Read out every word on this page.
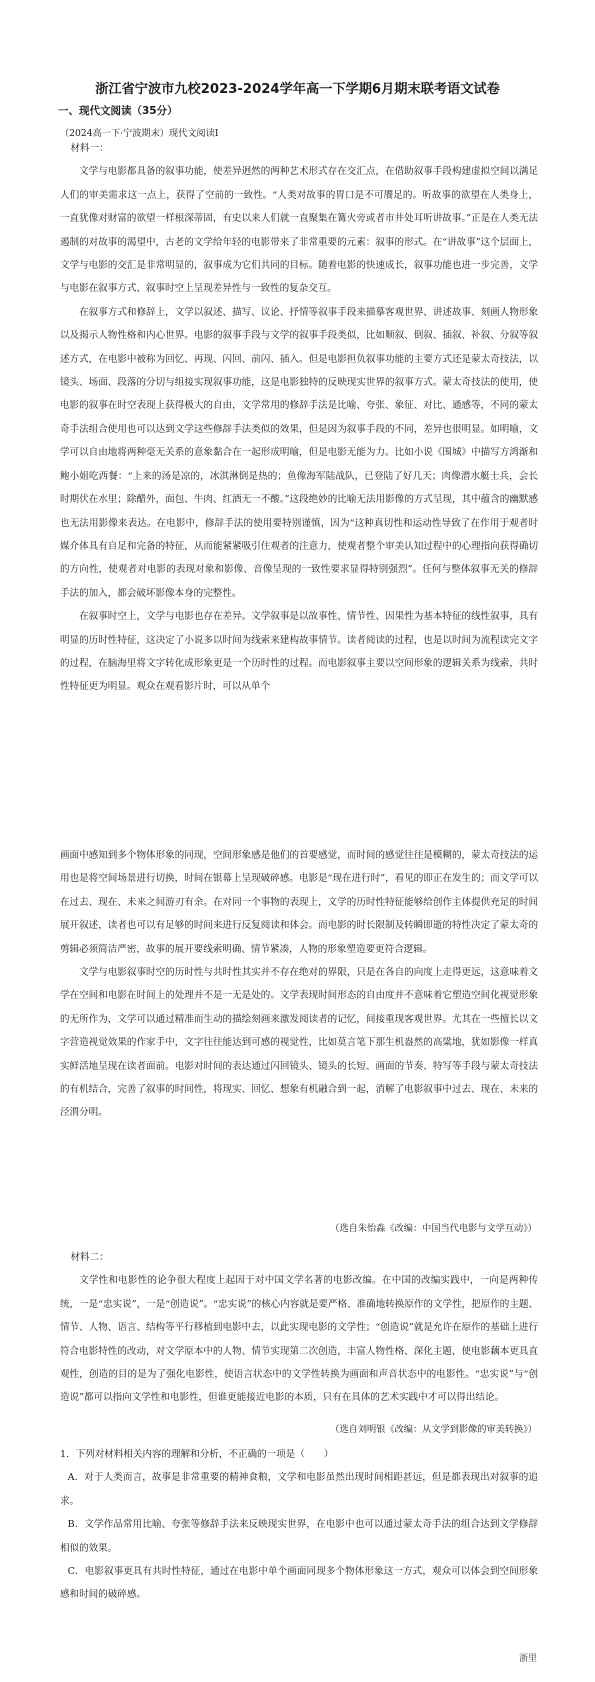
浙江省宁波市九校2023-2024学年高一下学期6月期末联考语文试卷
一、现代文阅读（35分）
（2024高一下·宁波期末）现代文阅读Ⅰ

材料一：

文学与电影都具备的叙事功能，使差异迥然的两种艺术形式存在交汇点，在借助叙事手段构建虚拟空间以满足人们的审美需求这一点上，获得了空前的一致性。“人类对故事的胃口是不可餍足的。听故事的欲望在人类身上，一直犹像对财富的欲望一样根深蒂固，有史以来人们就一直聚集在篝火旁或者市井处耳听讲故事。”正是在人类无法遏制的对故事的渴望中，古老的文学给年轻的电影带来了非常重要的元素：叙事的形式。在“讲故事”这个层面上，文学与电影的交汇是非常明显的，叙事成为它们共同的目标。随着电影的快速成长，叙事功能也进一步完善，文学与电影在叙事方式、叙事时空上呈现差异性与一致性的复杂交互。

在叙事方式和修辞上，文学以叙述、描写、议论、抒情等叙事手段来描摹客观世界、讲述故事、刻画人物形象以及揭示人物性格和内心世界。电影的叙事手段与文学的叙事手段类似，比如顺叙、倒叙、插叙、补叙、分叙等叙述方式，在电影中被称为回忆、再现、闪回、前闪、插入。但是电影担负叙事功能的主要方式还是蒙太奇技法，以镜头、场面、段落的分切与组接实现叙事功能，这是电影独特的反映现实世界的叙事方式。蒙太奇技法的使用，使电影的叙事在时空表现上获得极大的自由，文学常用的修辞手法是比喻、夸张、象征、对比、通感等，不同的蒙太奇手法组合使用也可以达到文学这些修辞手法类似的效果，但是因为叙事手段的不同，差异也很明显。如明喻，文学可以自由地将两种毫无关系的意象黏合在一起形成明喻，但是电影无能为力。比如小说《围城》中描写方鸿渐和鲍小姐吃西餐：“上来的汤是凉的，冰淇淋倒是热的；鱼像海军陆战队，已登陆了好几天；肉像潜水艇士兵，会长时期伏在水里；除醋外，面包、牛肉、红酒无一不酸。”这段绝妙的比喻无法用影像的方式呈现，其中蕴含的幽默感也无法用影像来表达。在电影中，修辞手法的使用要特别谨慎，因为“这种真切性和运动性导致了在作用于观者时媒介体具有自足和完备的特征，从而能紧紧吸引住观者的注意力，使观者整个审美认知过程中的心理指向获得确切的方向性，使观者对电影的表现对象和影像、音像呈现的一致性要求显得特别强烈”。任何与整体叙事无关的修辞手法的加入，都会破坏影像本身的完整性。

在叙事时空上，文学与电影也存在差异。文学叙事是以故事性、情节性、因果性为基本特征的线性叙事，具有明显的历时性特征，这决定了小说多以时间为线索来建构故事情节。读者阅读的过程，也是以时间为流程读完文字的过程，在脑海里将文字转化成形象更是一个历时性的过程。而电影叙事主要以空间形象的逻辑关系为线索，共时性特征更为明显。观众在观看影片时，可以从单个

画面中感知到多个物体形象的同现，空间形象感是他们的首要感觉，而时间的感觉往往是模糊的，蒙太奇技法的运用也是将空间场景进行切换，时间在银幕上呈现破碎感。电影是“现在进行时”，看见的即正在发生的；而文学可以在过去、现在、未来之间游刃有余。在对同一个事物的表现上，文学的历时性特征能够给创作主体提供充足的时间展开叙述，读者也可以有足够的时间来进行反复阅读和体会。而电影的时长限制及转瞬即逝的特性决定了蒙太奇的剪辑必须简洁严密，故事的展开要线索明确、情节紧凑，人物的形象塑造要更符合逻辑。

文学与电影叙事时空的历时性与共时性其实并不存在绝对的界限，只是在各自的向度上走得更远，这意味着文学在空间和电影在时间上的处理并不是一无是处的。文学表现时间形态的自由度并不意味着它塑造空间化视觉形象的无所作为，文学可以通过精准而生动的描绘刻画来激发阅读者的记忆，间接重现客观世界。尤其在一些擅长以文字营造视觉效果的作家手中，文字往往能达到可感的视觉性，比如莫言笔下那生机盎然的高粱地，犹如影像一样真实鲜活地呈现在读者面前。电影对时间的表达通过闪回镜头、镜头的长短、画面的节奏、特写等手段与蒙太奇技法的有机结合，完善了叙事的时间性，将现实、回忆、想象有机融合到一起，消解了电影叙事中过去、现在、未来的泾渭分明。

（选自朱怡淼《改编：中国当代电影与文学互动》）

材料二：

文学性和电影性的论争很大程度上起因于对中国文学名著的电影改编。在中国的改编实践中，一向是两种传统，一是“忠实说”，一是“创造说”。“忠实说”的核心内容就是要严格、准确地转换原作的文学性，把原作的主题、情节、人物、语言、结构等平行移植到电影中去，以此实现电影的文学性；“创造说”就是允许在原作的基础上进行符合电影特性的改动，对文学原本中的人物、情节实现第二次创造，丰富人物性格、深化主题，使电影藕本更具直观性，创造的目的是为了强化电影性，使语言状态中的文学性转换为画面和声音状态中的电影性。“忠实说”与“创造说”都可以指向文学性和电影性，但谁更能接近电影的本质，只有在具体的艺术实践中才可以得出结论。

（选自刘明银《改编：从文学到影像的审美转换》）

1．下列对材料相关内容的理解和分析，不正确的一项是（　　）

A．对于人类而言，故事是非常重要的精神食粮，文学和电影虽然出现时间相距甚远，但是都表现出对叙事的追求。

B．文学作品常用比喻、夸张等修辞手法来反映现实世界，在电影中也可以通过蒙太奇手法的组合达到文学修辞相似的效果。

C．电影叙事更具有共时性特征，通过在电影中单个画面同现多个物体形象这一方式，观众可以体会到空间形象感和时间的破碎感。

浙里
